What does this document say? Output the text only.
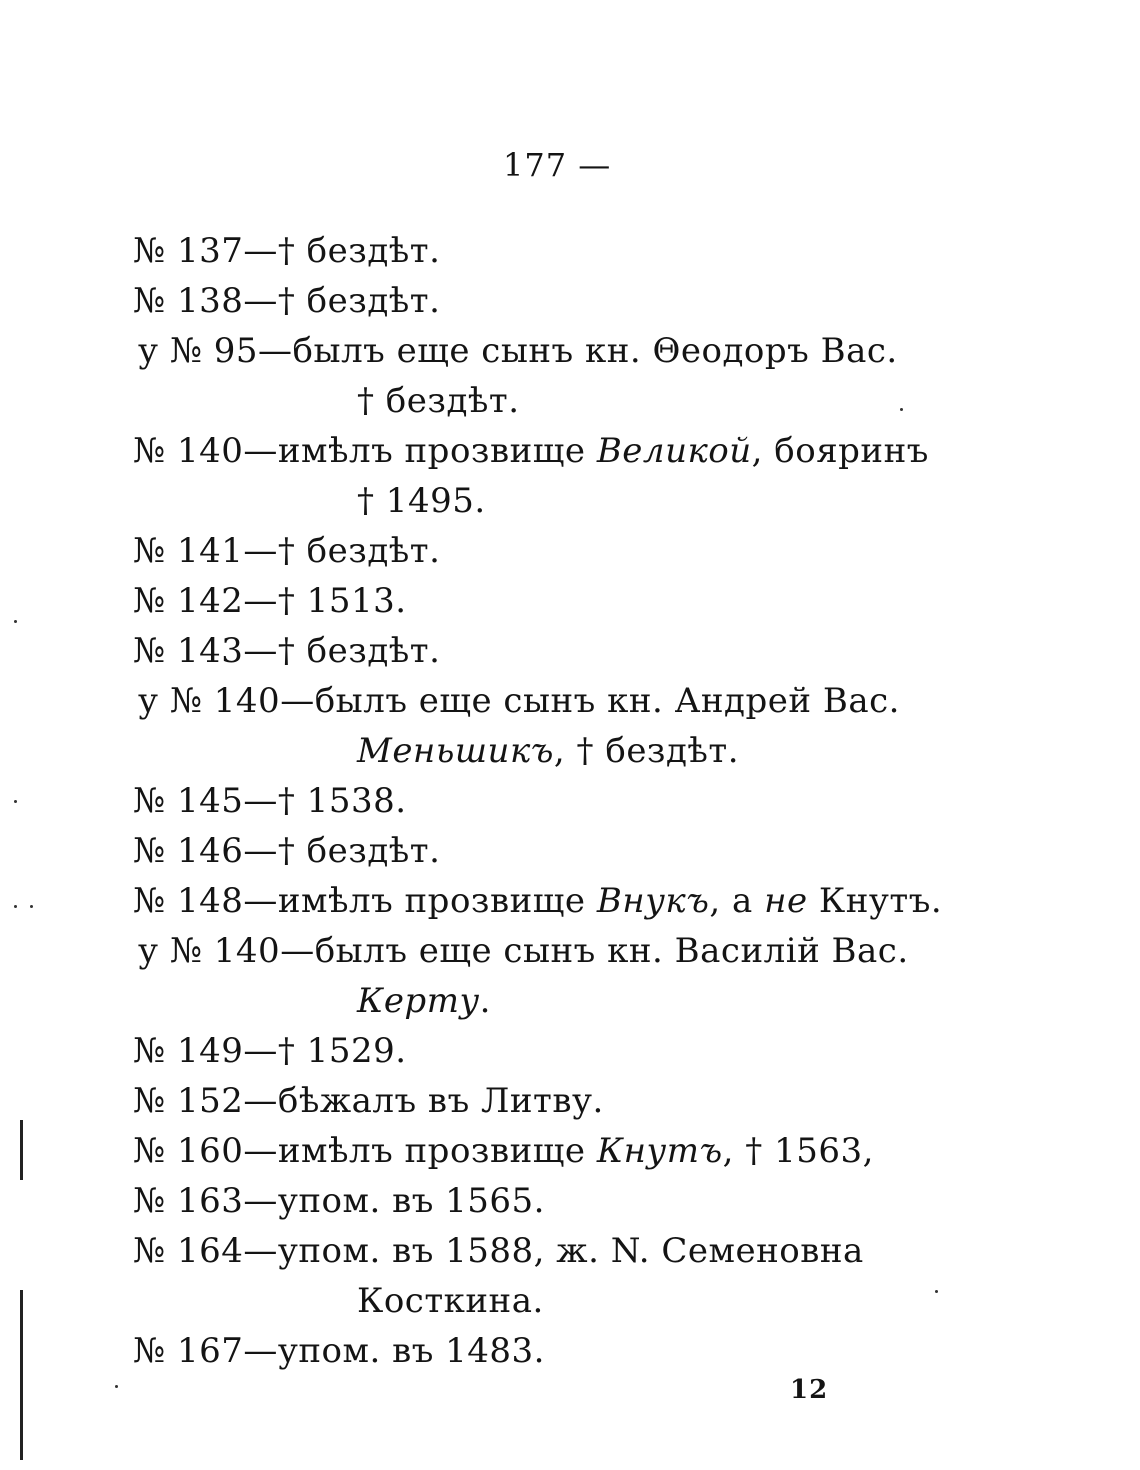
177 —
№ 137—† бездѣт.
№ 138—† бездѣт.
у № 95—былъ еще сынъ кн. Θеодоръ Вас.
† бездѣт.
№ 140—имѣлъ прозвище Великой, бояринъ
† 1495.
№ 141—† бездѣт.
№ 142—† 1513.
№ 143—† бездѣт.
у № 140—былъ еще сынъ кн. Андрей Вас.
Меньшикъ, † бездѣт.
№ 145—† 1538.
№ 146—† бездѣт.
№ 148—имѣлъ прозвище Внукъ, а не Кнутъ.
у № 140—былъ еще сынъ кн. Василій Вас.
Керту.
№ 149—† 1529.
№ 152—бѣжалъ въ Литву.
№ 160—имѣлъ прозвище Кнутъ, † 1563,
№ 163—упом. въ 1565.
№ 164—упом. въ 1588, ж. N. Семеновна
Косткина.
№ 167—упом. въ 1483.
12
